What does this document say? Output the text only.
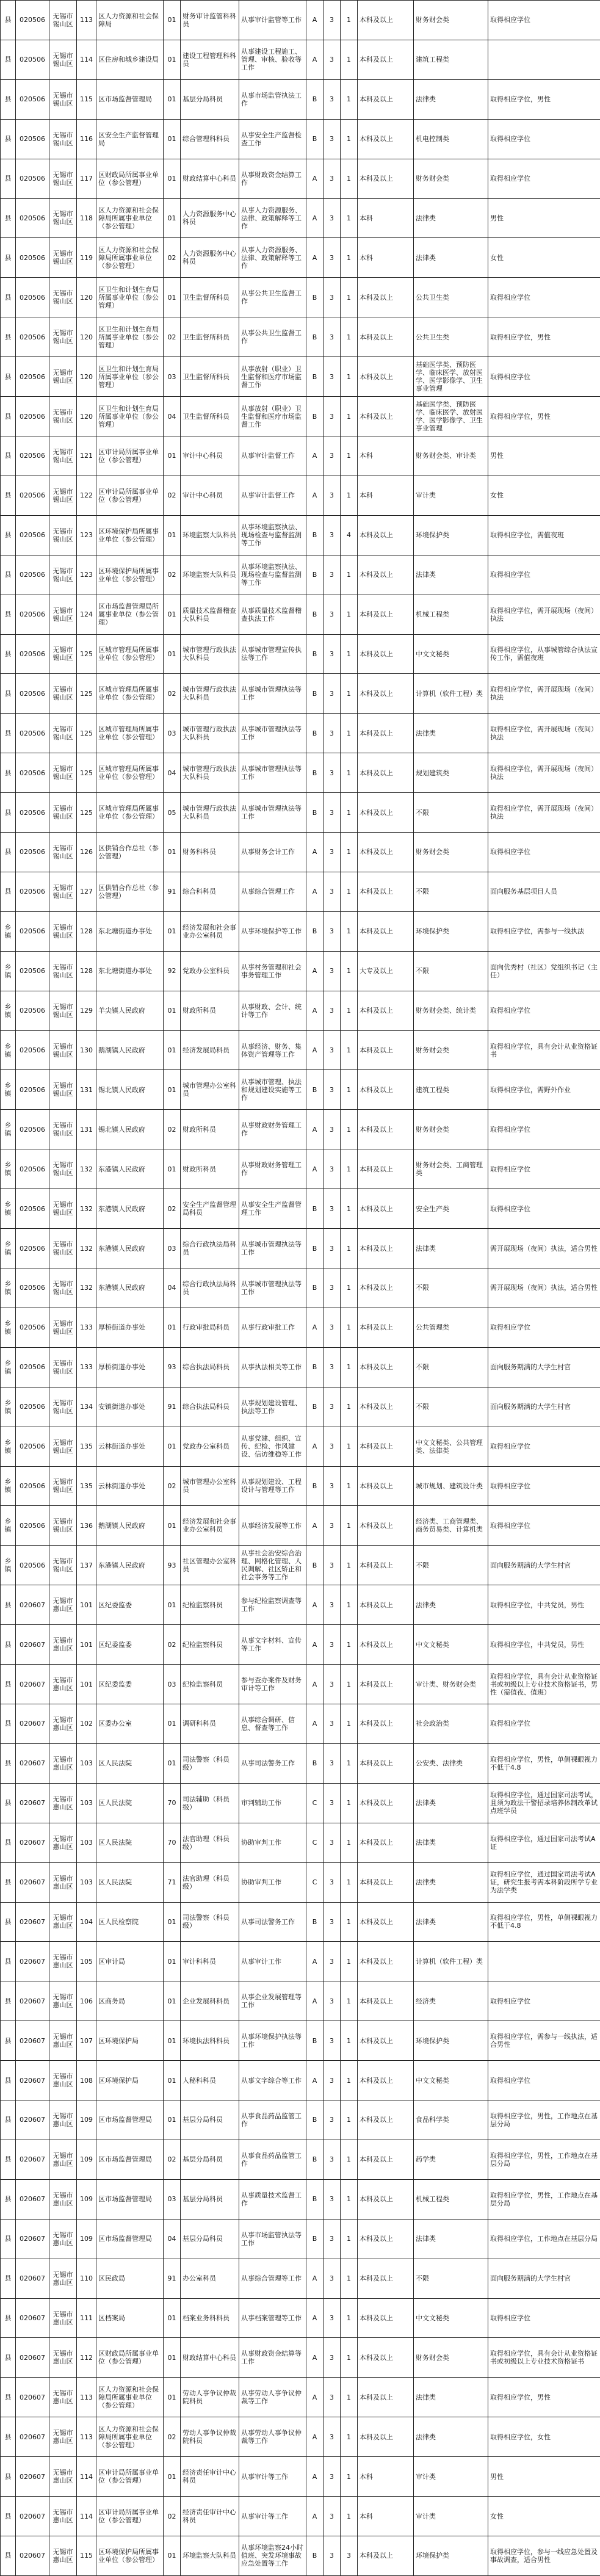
县	020506	无锡市锡山区	113	区人力资源和社会保障局	01	财务审计监管科科员	从事审计监管等工作	A	3	1	本科及以上	财务财会类	取得相应学位
县	020506	无锡市锡山区	114	区住房和城乡建设局	01	建设工程管理科科员	从事建设工程施工、管理、审核、验收等工作	A	3	1	本科及以上	建筑工程类	
县	020506	无锡市锡山区	115	区市场监督管理局	01	基层分局科员	从事市场监管执法工作	B	3	1	本科及以上	法律类	取得相应学位，男性
县	020506	无锡市锡山区	116	区安全生产监督管理局	01	综合管理科科员	从事安全生产监督检查工作	B	3	1	本科及以上	机电控制类	取得相应学位
县	020506	无锡市锡山区	117	区财政局所属事业单位（参公管理）	01	财政结算中心科员	从事财政资金结算工作	A	3	1	本科及以上	财务财会类	取得相应学位
县	020506	无锡市锡山区	118	区人力资源和社会保障局所属事业单位（参公管理）	01	人力资源服务中心科员	从事人力资源服务、法律、政策解释等工作	A	3	1	本科	法律类	男性
县	020506	无锡市锡山区	119	区人力资源和社会保障局所属事业单位（参公管理）	02	人力资源服务中心科员	从事人力资源服务、法律、政策解释等工作	A	3	1	本科	法律类	女性
县	020506	无锡市锡山区	120	区卫生和计划生育局所属事业单位（参公管理）	01	卫生监督所科员	从事公共卫生监督工作	B	3	1	本科及以上	公共卫生类	取得相应学位
县	020506	无锡市锡山区	120	区卫生和计划生育局所属事业单位（参公管理）	02	卫生监督所科员	从事公共卫生监督工作	B	3	1	本科及以上	公共卫生类	取得相应学位，男性
县	020506	无锡市锡山区	120	区卫生和计划生育局所属事业单位（参公管理）	03	卫生监督所科员	从事放射（职业）卫生监督和医疗市场监督工作	B	3	1	本科及以上	基础医学类、预防医学、临床医学、放射医学、医学影像学、卫生事业管理	取得相应学位
县	020506	无锡市锡山区	120	区卫生和计划生育局所属事业单位（参公管理）	04	卫生监督所科员	从事放射（职业）卫生监督和医疗市场监督工作	B	3	1	本科及以上	基础医学类、预防医学、临床医学、放射医学、医学影像学、卫生事业管理	取得相应学位，男性
县	020506	无锡市锡山区	121	区审计局所属事业单位（参公管理）	01	审计中心科员	从事审计监督工作	A	3	1	本科	财务财会类、审计类	男性
县	020506	无锡市锡山区	122	区审计局所属事业单位（参公管理）	02	审计中心科员	从事审计监督工作	A	3	1	本科	审计类	女性
县	020506	无锡市锡山区	123	区环境保护局所属事业单位（参公管理）	01	环境监察大队科员	从事环境监察执法、现场检查与监督监测等工作	B	3	4	本科及以上	环境保护类	取得相应学位，需值夜班
县	020506	无锡市锡山区	123	区环境保护局所属事业单位（参公管理）	02	环境监察大队科员	从事环境监察执法、现场检查与监督监测等工作	B	3	1	本科及以上	法律类	取得相应学位
县	020506	无锡市锡山区	124	区市场监督管理局所属事业单位（参公管理）	01	质量技术监督稽查大队科员	从事质量技术监督稽查执法工作	B	3	1	本科及以上	机械工程类	取得相应学位，需开展现场（夜间）执法
县	020506	无锡市锡山区	125	区城市管理局所属事业单位（参公管理）	01	城市管理行政执法大队科员	从事城市管理宣传执法等工作	B	3	1	本科及以上	中文文秘类	取得相应学位，从事城管综合执法宣传工作，需值夜班
县	020506	无锡市锡山区	125	区城市管理局所属事业单位（参公管理）	02	城市管理行政执法大队科员	从事城市管理执法等工作	B	3	1	本科及以上	计算机（软件工程）类	取得相应学位，需开展现场（夜间）执法
县	020506	无锡市锡山区	125	区城市管理局所属事业单位（参公管理）	03	城市管理行政执法大队科员	从事城市管理执法等工作	B	3	1	本科及以上	法律类	取得相应学位，需开展现场（夜间）执法
县	020506	无锡市锡山区	125	区城市管理局所属事业单位（参公管理）	04	城市管理行政执法大队科员	从事城市管理执法等工作	B	3	1	本科及以上	规划建筑类	取得相应学位，需开展现场（夜间）执法
县	020506	无锡市锡山区	125	区城市管理局所属事业单位（参公管理）	05	城市管理行政执法大队科员	从事城市管理执法等工作	B	3	1	本科及以上	不限	取得相应学位，需开展现场（夜间）执法
县	020506	无锡市锡山区	126	区供销合作总社（参公管理）	01	财务科科员	从事财务会计工作	A	3	1	本科及以上	财务财会类	取得相应学位
县	020506	无锡市锡山区	127	区供销合作总社（参公管理）	91	综合科科员	从事综合管理工作	A	3	1	本科及以上	不限	面向服务基层项目人员
乡镇	020506	无锡市锡山区	128	东北塘街道办事处	01	经济发展和社会事业办公室科员	从事环境保护等工作	B	3	1	本科及以上	环境保护类	取得相应学位，需参与一线执法
乡镇	020506	无锡市锡山区	128	东北塘街道办事处	92	党政办公室科员	从事村务管理和社会事务管理工作	A	3	1	大专及以上	不限	面向优秀村（社区）党组织书记（主任）
乡镇	020506	无锡市锡山区	129	羊尖镇人民政府	01	财政所科员	从事财政、会计、统计等工作	A	3	1	本科及以上	财务财会类、统计类	取得相应学位
乡镇	020506	无锡市锡山区	130	鹅湖镇人民政府	01	经济发展局科员	从事经济、财务、集体资产管理等工作	A	3	1	本科及以上	财务财会类	取得相应学位，具有会计从业资格证书
乡镇	020506	无锡市锡山区	131	锡北镇人民政府	01	城市管理办公室科员	从事城市管理、执法和规划建设实施等工作	B	3	1	本科及以上	建筑工程类	取得相应学位，需野外作业
乡镇	020506	无锡市锡山区	131	锡北镇人民政府	02	财政所科员	从事财政财务管理工作	A	3	1	本科及以上	财务财会类	取得相应学位
乡镇	020506	无锡市锡山区	132	东港镇人民政府	01	财政所科员	从事财政财务管理工作	A	3	1	本科及以上	财务财会类、工商管理类	取得相应学位
乡镇	020506	无锡市锡山区	132	东港镇人民政府	02	安全生产监督管理局科员	从事安全生产监督管理工作	B	3	1	本科及以上	安全生产类	取得相应学位
乡镇	020506	无锡市锡山区	132	东港镇人民政府	03	综合行政执法局科员	从事城市管理执法等工作	B	3	1	本科及以上	法律类	需开展现场（夜间）执法，适合男性
乡镇	020506	无锡市锡山区	132	东港镇人民政府	04	综合行政执法局科员	从事城市管理执法等工作	B	3	1	本科及以上	不限	需开展现场（夜间）执法，适合男性
乡镇	020506	无锡市锡山区	133	厚桥街道办事处	01	行政审批局科员	从事行政审批工作	A	3	1	本科及以上	公共管理类	取得相应学位
乡镇	020506	无锡市锡山区	133	厚桥街道办事处	93	综合执法局科员	从事执法相关等工作	B	3	1	本科及以上	不限	面向服务期满的大学生村官
乡镇	020506	无锡市锡山区	134	安镇街道办事处	91	综合执法局科员	从事规划建设管理、执法等工作	B	3	1	本科及以上	不限	面向服务期满的大学生村官
乡镇	020506	无锡市锡山区	135	云林街道办事处	01	党政办公室科员	从事党建、组织、宣传、纪检、作风建设、信访维稳等工作	A	3	1	本科及以上	中文文秘类、公共管理类、法律类	取得相应学位
乡镇	020506	无锡市锡山区	135	云林街道办事处	02	城市管理办公室科员	从事规划建设、工程设计与管理等工作	B	3	1	本科及以上	城市规划、建筑设计类	取得相应学位
乡镇	020506	无锡市锡山区	136	鹅湖镇人民政府	01	经济发展和社会事业办公室科员	从事经济发展等工作	A	3	1	本科及以上	经济类、工商管理类、商务贸易类、计算机类	取得相应学位
乡镇	020506	无锡市锡山区	137	东港镇人民政府	93	社区管理办公室科员	从事社会治安综合治理、网格化管理、人民调解、社区矫正和社会事务等工作	B	3	1	本科及以上	不限	面向服务期满的大学生村官
县	020607	无锡市惠山区	101	区纪委监委	01	纪检监察科员	参与纪检监察调查等工作	A	3	1	本科及以上	法律类	取得相应学位，中共党员，男性
县	020607	无锡市惠山区	101	区纪委监委	02	纪检监察科员	从事文字材料、宣传等工作	A	3	1	本科及以上	中文文秘类	取得相应学位，中共党员，男性
县	020607	无锡市惠山区	101	区纪委监委	03	纪检监察科员	参与查办案件及财务审计等工作	A	3	1	本科及以上	审计类、财务财会类	取得相应学位，具有会计从业资格证书或初级以上专业技术资格证书，男性（需值夜、值班）
县	020607	无锡市惠山区	102	区委办公室	01	调研科科员	从事综合调研、信息、督查等工作	A	3	1	本科及以上	社会政治类	取得相应学位
县	020607	无锡市惠山区	103	区人民法院	01	司法警察（科员级）	从事司法警务工作	B	3	1	本科及以上	公安类、法律类	取得相应学位，男性，单侧裸眼视力不低于4.8
县	020607	无锡市惠山区	103	区人民法院	70	司法辅助（科员级）	审判辅助工作	C	3	1	本科及以上	法律类	取得相应学位，通过国家司法考试，且须为政法干警招录培养体制改革试点班学员
县	020607	无锡市惠山区	103	区人民法院	70	法官助理（科员级）	协助审判工作	C	3	1	本科及以上	法律类	取得相应学位，通过国家司法考试A证
县	020607	无锡市惠山区	103	区人民法院	71	法官助理（科员级）	协助审判工作	C	3	1	本科及以上	法律类	取得相应学位，通过国家司法考试A证，研究生报考需本科阶段所学专业为法学类
县	020607	无锡市惠山区	104	区人民检察院	01	司法警察（科员级）	从事司法警务工作	B	3	1	本科及以上	法律类	取得相应学位，男性，单侧裸眼视力不低于4.8
县	020607	无锡市惠山区	105	区审计局	01	审计科科员	从事审计工作	A	3	1	本科及以上	计算机（软件工程）类	
县	020607	无锡市惠山区	106	区商务局	01	企业发展科科员	从事企业发展管理等工作	A	3	1	本科及以上	经济类	取得相应学位
县	020607	无锡市惠山区	107	区环境保护局	01	环境执法科科员	从事环境保护执法等工作	B	3	1	本科及以上	环境保护类	取得相应学位，需参与一线执法，适合男性
县	020607	无锡市惠山区	108	区环境保护局	01	人秘科科员	从事文字综合等工作	A	3	1	本科及以上	中文文秘类	取得相应学位
县	020607	无锡市惠山区	109	区市场监督管理局	01	基层分局科员	从事食品药品监管工作	B	3	1	本科及以上	食品科学类	取得相应学位，男性，工作地点在基层分局
县	020607	无锡市惠山区	109	区市场监督管理局	02	基层分局科员	从事食品药品监管工作	B	3	1	本科及以上	药学类	取得相应学位，男性，工作地点在基层分局
县	020607	无锡市惠山区	109	区市场监督管理局	03	基层分局科员	从事质量技术监督工作	B	3	1	本科及以上	机械工程类	取得相应学位，男性，工作地点在基层分局
县	020607	无锡市惠山区	109	区市场监督管理局	04	基层分局科员	从事市场监管执法等工作	B	3	1	本科及以上	法律类	取得相应学位，工作地点在基层分局
县	020607	无锡市惠山区	110	区民政局	91	办公室科员	从事综合管理等工作	A	3	1	本科及以上	不限	面向服务期满的大学生村官
县	020607	无锡市惠山区	111	区档案局	01	档案业务科科员	从事档案管理等工作	A	3	1	本科及以上	中文文秘类	取得相应学位
县	020607	无锡市惠山区	112	区财政局所属事业单位（参公管理）	01	财政结算中心科员	从事财政资金结算等工作	A	3	1	本科及以上	财务财会类	取得相应学位，具有会计从业资格证书或初级以上专业技术资格证书
县	020607	无锡市惠山区	113	区人力资源和社会保障局所属事业单位（参公管理）	01	劳动人事争议仲裁院科员	从事劳动人事争议仲裁等工作	A	3	1	本科及以上	法律类	取得相应学位，男性
县	020607	无锡市惠山区	113	区人力资源和社会保障局所属事业单位（参公管理）	02	劳动人事争议仲裁院科员	从事劳动人事争议仲裁等工作	A	3	1	本科及以上	法律类	取得相应学位，女性
县	020607	无锡市惠山区	114	区审计局所属事业单位（参公管理）	01	经济责任审计中心科员	从事审计等工作	A	3	1	本科	审计类	男性
县	020607	无锡市惠山区	114	区审计局所属事业单位（参公管理）	02	经济责任审计中心科员	从事审计等工作	A	3	1	本科	审计类	女性
县	020607	无锡市惠山区	115	区环境保护局所属事业单位（参公管理）	01	环境监察大队科员	从事环境监察24小时值班、突发环境事故应急处置等工作	B	3	3	本科及以上	环境保护类	取得相应学位，参与一线应急处置及事故调查，适合男性
